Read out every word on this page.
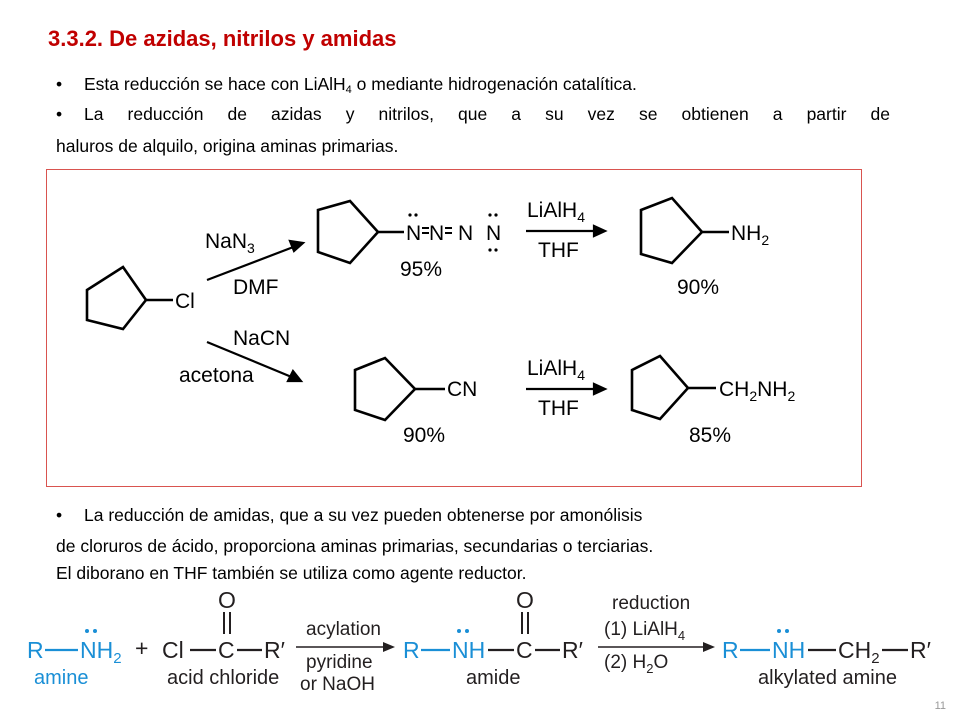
3.3.2. De azidas, nitrilos y amidas
• Esta reducción se hace con LiAlH$_4$ o mediante hidrogenación catalítica.
• La reducción de azidas y nitrilos, que a su vez se obtienen a partir de
haluros de alquilo, origina aminas primarias.
Cl
NaN$_3$
DMF
NaCN
acetona
N N N
N
95%
LiAlH$_4$
THF
$NH_2$
90%
CN
90%
LiAlH$_4$
THF
$CH_2NH_2$
85%
• La reducción de amidas, que a su vez pueden obtenerse por amonólisis
de cloruros de ácido, proporciona aminas primarias, secundarias o terciarias.
El diborano en THF también se utiliza como agente reductor.
R $NH_2$
amine
+ Cl C
O
R′
acid chloride
acylation
pyridine
or NaOH
R NH C
O
R′
amide
reduction
(1) LiAlH$_4$
(2) $H_2O$ R NH $CH_2$ R′
alkylated amine
11
